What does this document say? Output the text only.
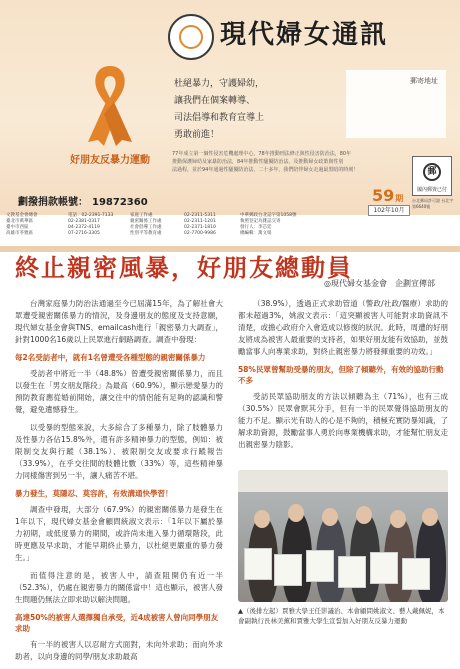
現代婦女通訊
郵寄地址
好朋友反暴力運動
杜絕暴力，守護婦幼，
讓我們在個案轉導、
司法倡導和教育宣導上
勇敢前進！
劃撥捐款帳號： 19872360
77年成立第一個性侵害危機處理中心，78年推動刑法修正與性侵害防治法，80年
推動保護婦幼及家暴防治法，84年推動性騷擾防治法，及推動婦女政策與性別
法過程，並於94年通過性騷擾防治法，二十多年，我們陪伴婦女走過最黑暗的時刻！	郵
國內郵資已付
59期
102年10月
台北郵局許可證 台北字第6640號
文教基金會總會
臺北市萬華區
臺中市西區
高雄市苓雅區
電話：02-2391-7133
02-2381-0317
04-2372-4119
07-2716-3305
家庭工作處
親密關係工作處
社會倡導工作處
性別平等教育處
02-2311-5311
02-2311-1201
02-2371-1810
02-7700-9986
中華郵政台北誌字第1058號
執照登記為雜誌交寄
發行人：李芯廷
總編輯：萬文娟
終止親密風暴，好朋友總動員
◎現代婦女基金會　企劃宣傳部

台灣家庭暴力防治法通過至今已屆滿15年，為了解社會大眾遭受親密關係暴力的情況，及身邊朋友的態度及支持意願，現代婦女基金會與TNS、emailcash進行「親密暴力大調查」，針對1000名16歲以上民眾進行網路調查。調查中發現：

每2名受訪者中，就有1名曾遭受各種型態的親密關係暴力

受訪者中將近一半（48.8%）曾遭受親密關係暴力，而且以發生在「男女朋友階段」為最高（60.9%），顯示戀愛暴力的預防教育應從婚前開始，讓交往中的情侶能有足夠的認識和警覺，避免遺憾發生。

以受暴的型態來說，大多綜合了多種暴力，除了肢體暴力及性暴力各佔15.8%外，還有許多精神暴力的型態，例如：被限制交友與行蹤（38.1%）、被限制交友或要求行蹤報告（33.9%），在乎交往間的肢體比數（33%）等，這些精神暴力同樣傷害到另一半，讓人痛苦不堪。

暴力發生，莫隱忍、莫容許，有效溝通快學習！

調查中發現，大部分（67.9%）的親密關係暴力是發生在1年以下，現代婦女基金會顧問統淑文表示：「1年以下屬於暴力初期，或低度暴力的期間，或許尚未進入暴力循環階段，此時更應及早求助，才能早期終止暴力，以杜絕更嚴重的暴力發生。」

而值得注意的是，被害人中，請查阻開仍有近一半（52.3%），仍處在親密暴力的關係當中！這也顯示，被害人發生問題仍無法立即求助以解決問題。

高達50%的被害人選擇獨自承受，近4成被害人曾向同學朋友求助

有一半的被害人以忍耐方式面對，未向外求助；而向外求助者，以向身邊的同學/朋友求助最高

（38.9%），透過正式求助管道（警政/社政/醫療）求助的都未超過3%，姚淑文表示：「這突顯被害人可能對求助資訊不清楚，或擔心政府介入會造成以修復的狀況。此時，周遭的好朋友將成為被害人最重要的支持者，如果好朋友能有效協助，並鼓勵當事人向專業求助，對終止親密暴力將發揮重要的功效。」

58%民眾曾幫助受暴的朋友，但除了傾聽外，有效的協助行動不多

受訪民眾協助朋友的方法以傾聽為主（71%），也有三成（30.5%）民眾會默其分手，但有一半的民眾覺得協助朋友的能力不足。顯示光有助人的心是不夠的，積極充實防暴知識，了解求助資源，鼓勵當事人勇於向專業機構求助，才能幫忙朋友走出親密暴力陰影。

▲（後排左起）賈雅大學王任影議治、本會顧問姚淑文、藝人戴佩妮，本會副執行長林美薰和賈雅大學生宣誓加入好朋友反暴力運動
